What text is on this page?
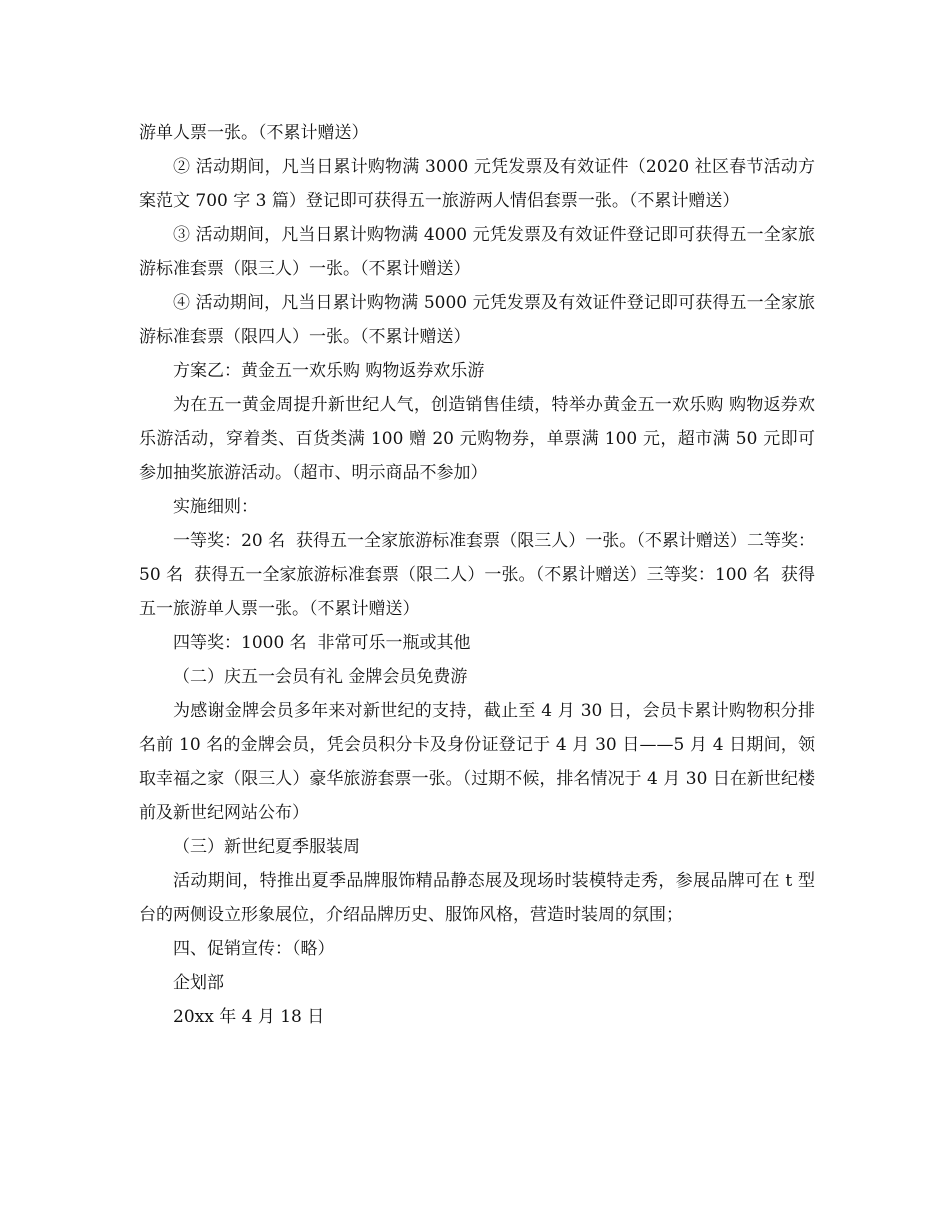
游单人票一张。（不累计赠送）

② 活动期间，凡当日累计购物满 3000 元凭发票及有效证件（2020 社区春节活动方案范文 700 字 3 篇）登记即可获得五一旅游两人情侣套票一张。（不累计赠送）

③ 活动期间，凡当日累计购物满 4000 元凭发票及有效证件登记即可获得五一全家旅游标准套票（限三人）一张。（不累计赠送）

④ 活动期间，凡当日累计购物满 5000 元凭发票及有效证件登记即可获得五一全家旅游标准套票（限四人）一张。（不累计赠送）

方案乙：黄金五一欢乐购 购物返券欢乐游

为在五一黄金周提升新世纪人气，创造销售佳绩，特举办黄金五一欢乐购 购物返券欢乐游活动，穿着类、百货类满 100 赠 20 元购物券，单票满 100 元，超市满 50 元即可参加抽奖旅游活动。（超市、明示商品不参加）

实施细则：

一等奖：20 名  获得五一全家旅游标准套票（限三人）一张。（不累计赠送）二等奖：50 名  获得五一全家旅游标准套票（限二人）一张。（不累计赠送）三等奖：100 名  获得五一旅游单人票一张。（不累计赠送）

四等奖：1000 名  非常可乐一瓶或其他

（二）庆五一会员有礼 金牌会员免费游

为感谢金牌会员多年来对新世纪的支持，截止至 4 月 30 日，会员卡累计购物积分排名前 10 名的金牌会员，凭会员积分卡及身份证登记于 4 月 30 日——5 月 4 日期间，领取幸福之家（限三人）豪华旅游套票一张。（过期不候，排名情况于 4 月 30 日在新世纪楼前及新世纪网站公布）

（三）新世纪夏季服装周

活动期间，特推出夏季品牌服饰精品静态展及现场时装模特走秀，参展品牌可在 t 型台的两侧设立形象展位，介绍品牌历史、服饰风格，营造时装周的氛围；

四、促销宣传：（略）

企划部

20xx 年 4 月 18 日
